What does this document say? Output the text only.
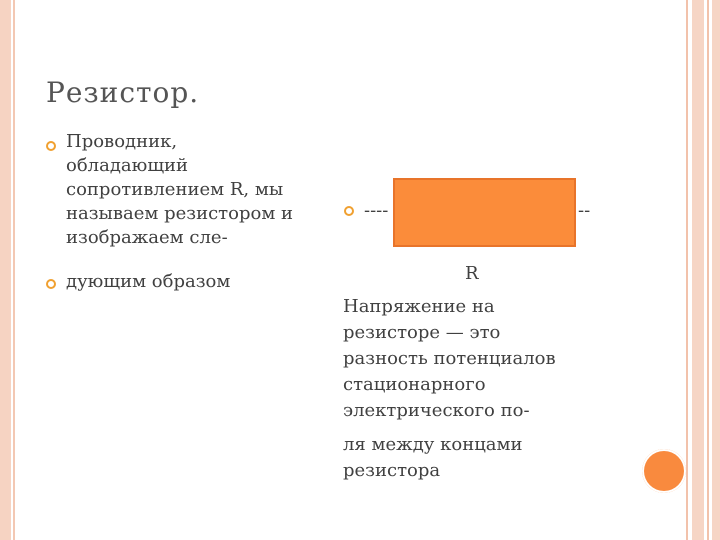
Резистор.
Проводник,
обладающий
сопротивлением R, мы
называем резистором и
изображаем сле-
дующим образом
----	--
R
Напряжение на
резисторе — это
разность потенциалов
стационарного
электрического по-
ля между концами
резистора
